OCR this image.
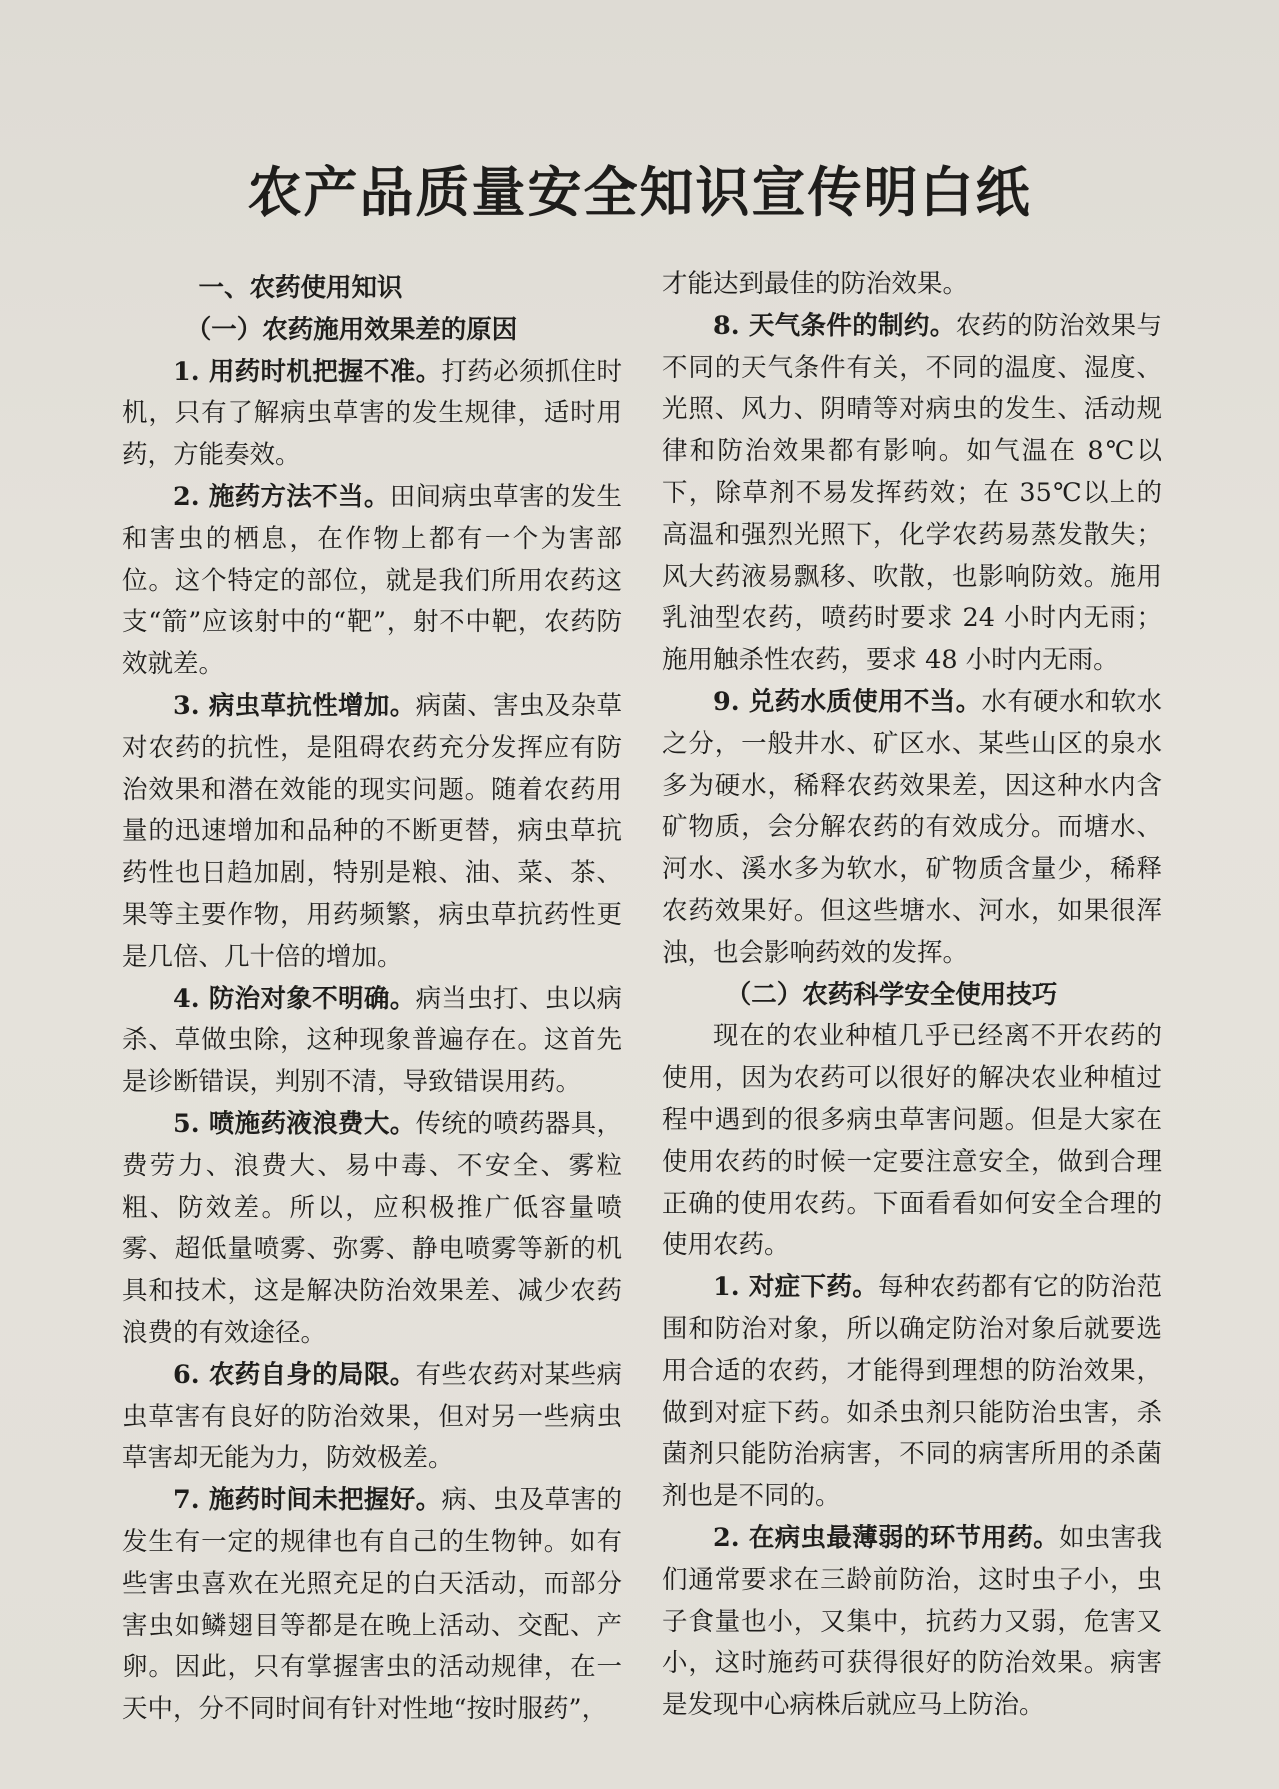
农产品质量安全知识宣传明白纸

一、农药使用知识

（一）农药施用效果差的原因

1. 用药时机把握不准。打药必须抓住时机，只有了解病虫草害的发生规律，适时用药，方能奏效。

2. 施药方法不当。田间病虫草害的发生和害虫的栖息，在作物上都有一个为害部位。这个特定的部位，就是我们所用农药这支“箭”应该射中的“靶”，射不中靶，农药防效就差。

3. 病虫草抗性增加。病菌、害虫及杂草对农药的抗性，是阻碍农药充分发挥应有防治效果和潜在效能的现实问题。随着农药用量的迅速增加和品种的不断更替，病虫草抗药性也日趋加剧，特别是粮、油、菜、茶、果等主要作物，用药频繁，病虫草抗药性更是几倍、几十倍的增加。

4. 防治对象不明确。病当虫打、虫以病杀、草做虫除，这种现象普遍存在。这首先是诊断错误，判别不清，导致错误用药。

5. 喷施药液浪费大。传统的喷药器具，费劳力、浪费大、易中毒、不安全、雾粒粗、防效差。所以，应积极推广低容量喷雾、超低量喷雾、弥雾、静电喷雾等新的机具和技术，这是解决防治效果差、减少农药浪费的有效途径。

6. 农药自身的局限。有些农药对某些病虫草害有良好的防治效果，但对另一些病虫草害却无能为力，防效极差。

7. 施药时间未把握好。病、虫及草害的发生有一定的规律也有自己的生物钟。如有些害虫喜欢在光照充足的白天活动，而部分害虫如鳞翅目等都是在晚上活动、交配、产卵。因此，只有掌握害虫的活动规律，在一天中，分不同时间有针对性地“按时服药”，

才能达到最佳的防治效果。

8. 天气条件的制约。农药的防治效果与不同的天气条件有关，不同的温度、湿度、光照、风力、阴晴等对病虫的发生、活动规律和防治效果都有影响。如气温在 8℃以下，除草剂不易发挥药效；在 35℃以上的高温和强烈光照下，化学农药易蒸发散失；风大药液易飘移、吹散，也影响防效。施用乳油型农药，喷药时要求 24 小时内无雨；施用触杀性农药，要求 48 小时内无雨。

9. 兑药水质使用不当。水有硬水和软水之分，一般井水、矿区水、某些山区的泉水多为硬水，稀释农药效果差，因这种水内含矿物质，会分解农药的有效成分。而塘水、河水、溪水多为软水，矿物质含量少，稀释农药效果好。但这些塘水、河水，如果很浑浊，也会影响药效的发挥。

（二）农药科学安全使用技巧

现在的农业种植几乎已经离不开农药的使用，因为农药可以很好的解决农业种植过程中遇到的很多病虫草害问题。但是大家在使用农药的时候一定要注意安全，做到合理正确的使用农药。下面看看如何安全合理的使用农药。

1. 对症下药。每种农药都有它的防治范围和防治对象，所以确定防治对象后就要选用合适的农药，才能得到理想的防治效果，做到对症下药。如杀虫剂只能防治虫害，杀菌剂只能防治病害，不同的病害所用的杀菌剂也是不同的。

2. 在病虫最薄弱的环节用药。如虫害我们通常要求在三龄前防治，这时虫子小，虫子食量也小，又集中，抗药力又弱，危害又小，这时施药可获得很好的防治效果。病害是发现中心病株后就应马上防治。
